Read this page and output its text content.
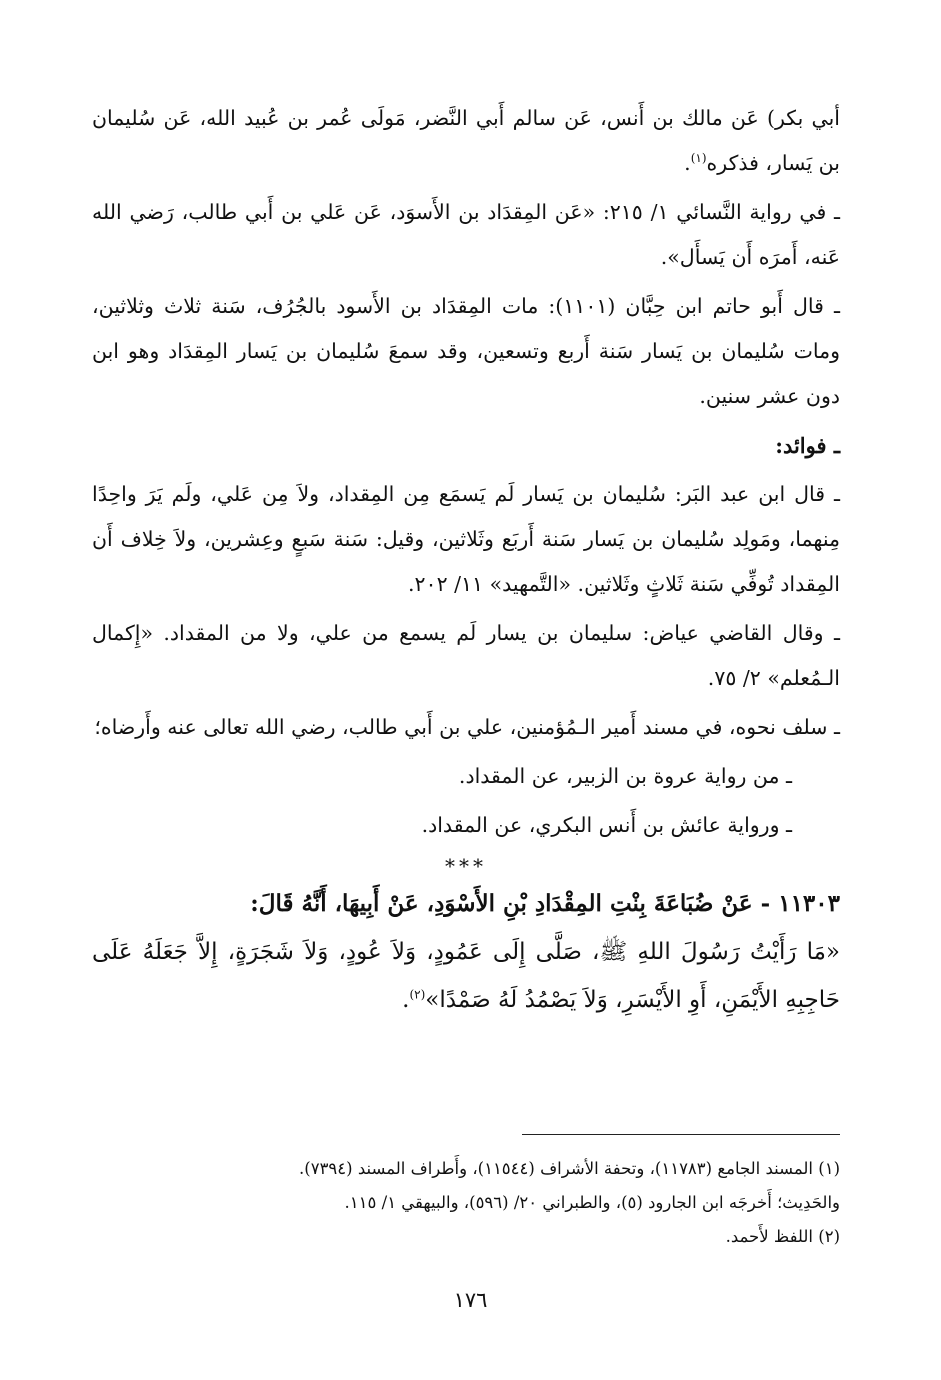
أبي بكر) عَن مالك بن أَنس، عَن سالم أَبي النَّضر، مَولَى عُمر بن عُبيد الله، عَن سُليمان بن يَسار، فذكره$^{(١)}$.

ـ في رواية النَّسائي ١/ ٢١٥: «عَن المِقدَاد بن الأَسوَد، عَن عَلي بن أَبي طالب، رَضي الله عَنه، أَمرَه أَن يَسأَل».

ـ قال أَبو حاتم ابن حِبَّان (١١٠١): مات المِقدَاد بن الأَسود بالجُرُف، سَنة ثلاث وثلاثين، ومات سُليمان بن يَسار سَنة أَربع وتسعين، وقد سمعَ سُليمان بن يَسار المِقدَاد وهو ابن دون عشر سنين.

ـ فوائد:

ـ قال ابن عبد البَر: سُليمان بن يَسار لَم يَسمَع مِن المِقداد، ولاَ مِن عَلي، ولَم يَرَ واحِدًا مِنهما، ومَولِد سُليمان بن يَسار سَنة أَربَع وثَلاثين، وقيل: سَنة سَبعٍ وعِشرين، ولاَ خِلاف أَن المِقداد تُوفِّي سَنة ثَلاثٍ وثَلاثين. «التَّمهيد» ١١/ ٢٠٢.

ـ وقال القاضي عياض: سليمان بن يسار لَم يسمع من علي، ولا من المقداد. «إِكمال الـمُعلم» ٢/ ٧٥.

ـ سلف نحوه، في مسند أَمير الـمُؤمنين، علي بن أَبي طالب، رضي الله تعالى عنه وأَرضاه؛

ـ من رواية عروة بن الزبير، عن المقداد.

ـ ورواية عائش بن أَنس البكري، عن المقداد.

***

١١٣٠٣ - عَنْ ضُبَاعَةَ بِنْتِ المِقْدَادِ بْنِ الأَسْوَدِ، عَنْ أَبِيهَا، أَنَّهُ قَالَ:

«مَا رَأَيْتُ رَسُولَ اللهِ ﷺ، صَلَّى إِلَى عَمُودٍ، وَلاَ عُودٍ، وَلاَ شَجَرَةٍ، إِلاَّ جَعَلَهُ عَلَى حَاجِبِهِ الأَيْمَنِ، أَوِ الأَيْسَرِ، وَلاَ يَصْمُدُ لَهُ صَمْدًا»$^{(٢)}$.

(١) المسند الجامع (١١٧٨٣)، وتحفة الأشراف (١١٥٤٤)، وأَطراف المسند (٧٣٩٤).

والحَدِيث؛ أَخرجَه ابن الجارود (٥)، والطبراني ٢٠/ (٥٩٦)، والبيهقي ١/ ١١٥.

(٢) اللفظ لأَحمد.

١٧٦
